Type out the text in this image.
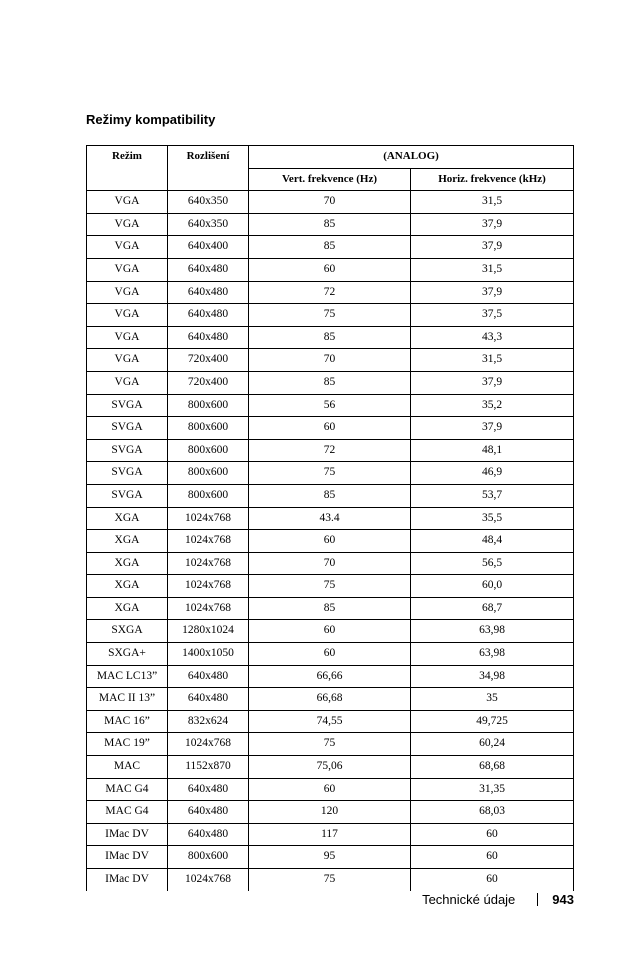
Režimy kompatibility
Režim	Rozlišení	(ANALOG)	
		Vert. frekvence (Hz)	Horiz. frekvence (kHz)
VGA	640x350	70	31,5
VGA	640x350	85	37,9
VGA	640x400	85	37,9
VGA	640x480	60	31,5
VGA	640x480	72	37,9
VGA	640x480	75	37,5
VGA	640x480	85	43,3
VGA	720x400	70	31,5
VGA	720x400	85	37,9
SVGA	800x600	56	35,2
SVGA	800x600	60	37,9
SVGA	800x600	72	48,1
SVGA	800x600	75	46,9
SVGA	800x600	85	53,7
XGA	1024x768	43.4	35,5
XGA	1024x768	60	48,4
XGA	1024x768	70	56,5
XGA	1024x768	75	60,0
XGA	1024x768	85	68,7
SXGA	1280x1024	60	63,98
SXGA+	1400x1050	60	63,98
MAC LC13”	640x480	66,66	34,98
MAC II 13”	640x480	66,68	35
MAC 16”	832x624	74,55	49,725
MAC 19”	1024x768	75	60,24
MAC	1152x870	75,06	68,68
MAC G4	640x480	60	31,35
MAC G4	640x480	120	68,03
IMac DV	640x480	117	60
IMac DV	800x600	95	60
IMac DV	1024x768	75	60
Technické údaje	943
